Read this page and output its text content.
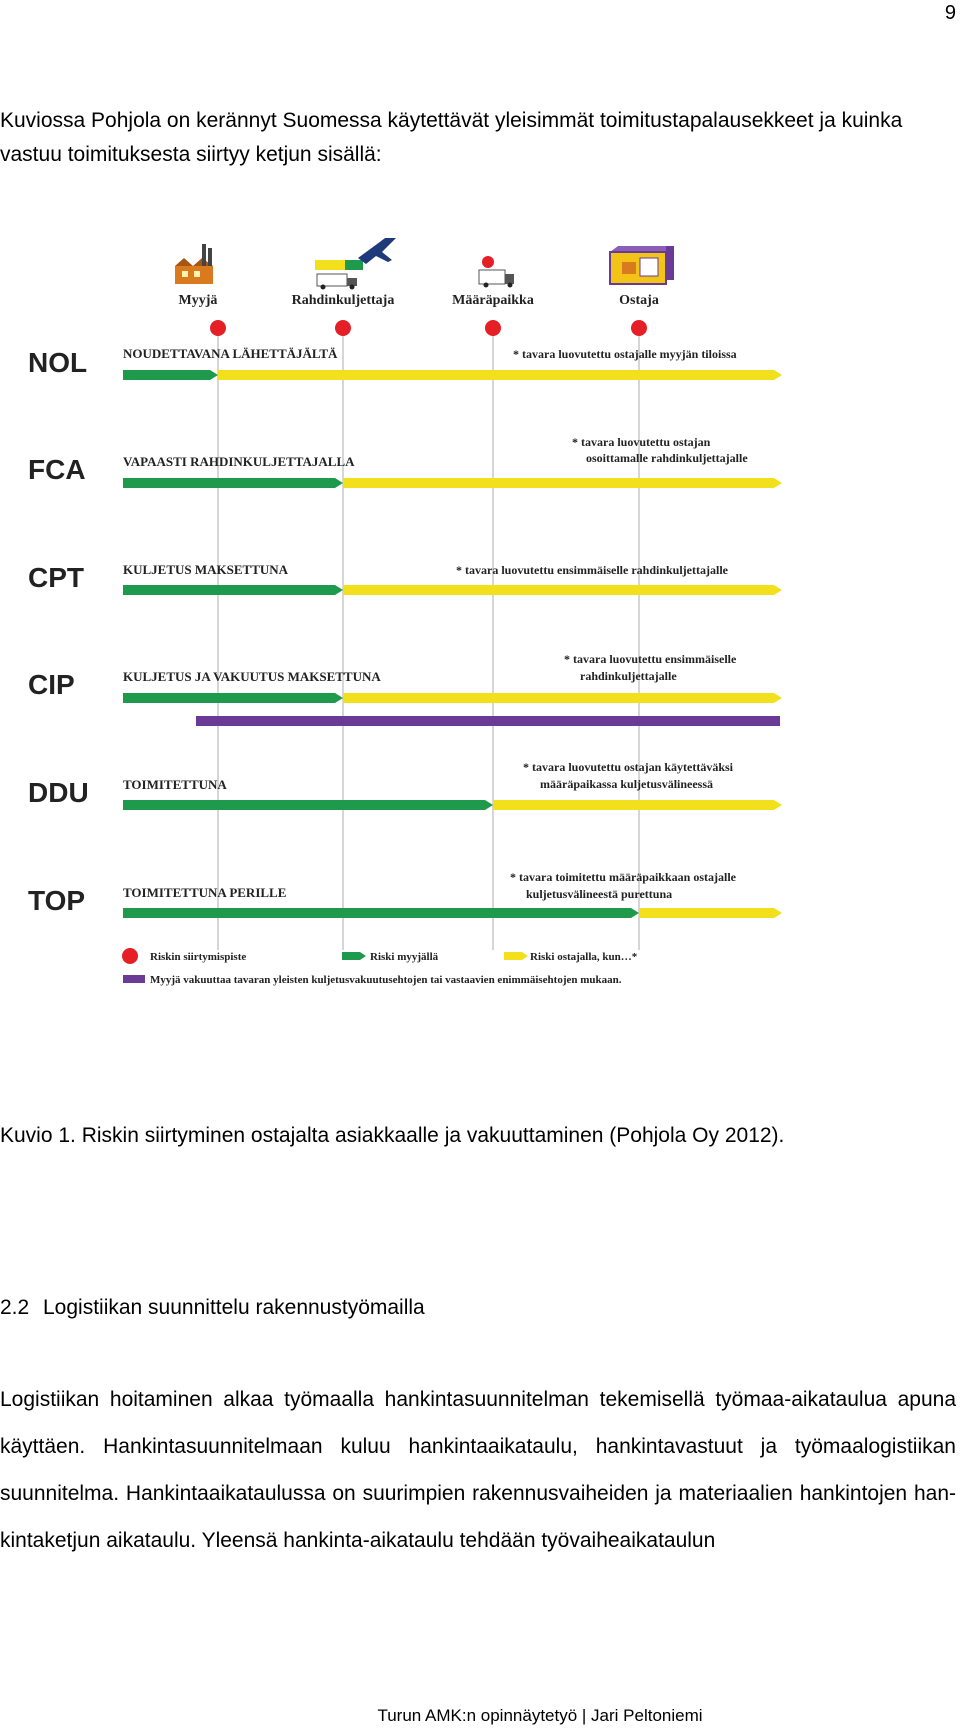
9
Kuviossa Pohjola on kerännyt Suomessa käytettävät yleisimmät toimitustapalausekkeet ja kuinka vastuu toimituksesta siirtyy ketjun sisällä:
Myyjä	Rahdinkuljettaja	Määräpaikka	Ostaja
NOL	NOUDETTAVANA LÄHETTÄJÄLTÄ	* tavara luovutettu ostajalle myyjän tiloissa
FCA	VAPAASTI RAHDINKULJETTAJALLA
* tavara luovutettu ostajan
osoittamalle rahdinkuljettajalle
CPT	KULJETUS MAKSETTUNA	* tavara luovutettu ensimmäiselle rahdinkuljettajalle
CIP	KULJETUS JA VAKUUTUS MAKSETTUNA
* tavara luovutettu ensimmäiselle
rahdinkuljettajalle
DDU	TOIMITETTUNA
* tavara luovutettu ostajan käytettäväksi
määräpaikassa kuljetusvälineessä
TOP	TOIMITETTUNA PERILLE
* tavara toimitettu määräpaikkaan ostajalle
kuljetusvälineestä purettuna
Riskin siirtymispiste	Riski myyjällä	Riski ostajalla, kun…*
Myyjä vakuuttaa tavaran yleisten kuljetusvakuutusehtojen tai vastaavien enimmäisehtojen mukaan.
Kuvio 1. Riskin siirtyminen ostajalta asiakkaalle ja vakuuttaminen (Pohjola Oy 2012).
2.2 Logistiikan suunnittelu rakennustyömailla
Logistiikan hoitaminen alkaa työmaalla hankintasuunnitelman tekemisellä työmaa-aikataulua apuna käyttäen. Hankintasuunnitelmaan kuluu hankintaaikataulu, hankintavastuut ja työmaalogistiikan suunnitelma. Hankintaaikataulussa on suurimpien rakennusvaiheiden ja materiaalien hankintojen hankintaketjun aikataulu. Yleensä hankinta-aikataulu tehdään työvaiheaikataulun
Turun AMK:n opinnäytetyö | Jari Peltoniemi
